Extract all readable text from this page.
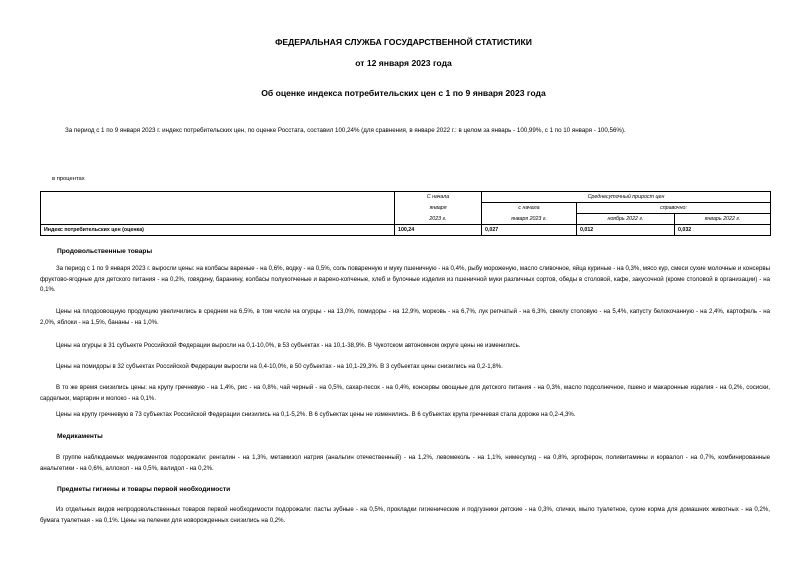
ФЕДЕРАЛЬНАЯ СЛУЖБА ГОСУДАРСТВЕННОЙ СТАТИСТИКИ
от 12 января 2023 года
Об оценке индекса потребительских цен с 1 по 9 января 2023 года
За период с 1 по 9 января 2023 г. индекс потребительских цен, по оценке Росстата, составил 100,24% (для сравнения, в январе 2022 г.: в целом за январь - 100,99%, с 1 по 10 января - 100,56%).
в процентах
	С начала	Среднесуточный прирост цен		
	января	с начала	справочно:	
	2023 г.	января 2023 г.	ноябрь 2022 г.	январь 2022 г.
Индекс потребительских цен (оценка)	100,24	0,027	0,012	0,032
Продовольственные товары
За период с 1 по 9 января 2023 г. выросли цены: на колбасы вареные - на 0,6%, водку - на 0,5%, соль поваренную и муку пшеничную - на 0,4%, рыбу мороженую, масло сливочное, яйца куриные - на 0,3%, мясо кур, смеси сухие молочные и консервы фруктово-ягодные для детского питания - на 0,2%, говядину, баранину, колбасы полукопченые и варено-копченые, хлеб и булочные изделия из пшеничной муки различных сортов, обеды в столовой, кафе, закусочной (кроме столовой в организации) - на 0,1%.
Цены на плодоовощную продукцию увеличились в среднем на 6,5%, в том числе на огурцы - на 13,0%, помидоры - на 12,9%, морковь - на 6,7%, лук репчатый - на 6,3%, свеклу столовую - на 5,4%, капусту белокочанную - на 2,4%, картофель - на 2,0%, яблоки - на 1,5%, бананы - на 1,0%.
Цены на огурцы в 31 субъекте Российской Федерации выросли на 0,1-10,0%, в 53 субъектах - на 10,1-38,9%. В Чукотском автономном округе цены не изменились.
Цены на помидоры в 32 субъектах Российской Федерации выросли на 0,4-10,0%, в 50 субъектах - на 10,1-29,3%. В 3 субъектах цены снизились на 0,2-1,8%.
В то же время снизились цены: на крупу гречневую - на 1,4%, рис - на 0,8%, чай черный - на 0,5%, сахар-песок - на 0,4%, консервы овощные для детского питания - на 0,3%, масло подсолнечное, пшено и макаронные изделия - на 0,2%, сосиски, сардельки, маргарин и молоко - на 0,1%.
Цены на крупу гречневую в 73 субъектах Российской Федерации снизились на 0,1-5,2%. В 6 субъектах цены не изменились. В 6 субъектах крупа гречневая стала дороже на 0,2-4,3%.
Медикаменты
В группе наблюдаемых медикаментов подорожали: ренгалин - на 1,3%, метамизол натрия (анальгин отечественный) - на 1,2%, левомеколь - на 1,1%, нимесулид - на 0,8%, эргоферон, поливитамины и корвалол - на 0,7%, комбинированные анальгетики - на 0,6%, аллохол - на 0,5%, валидол - на 0,2%.
Предметы гигиены и товары первой необходимости
Из отдельных видов непродовольственных товаров первой необходимости подорожали: пасты зубные - на 0,5%, прокладки гигиенические и подгузники детские - на 0,3%, спички, мыло туалетное, сухие корма для домашних животных - на 0,2%, бумага туалетная - на 0,1%. Цены на пеленки для новорожденных снизились на 0,2%.
